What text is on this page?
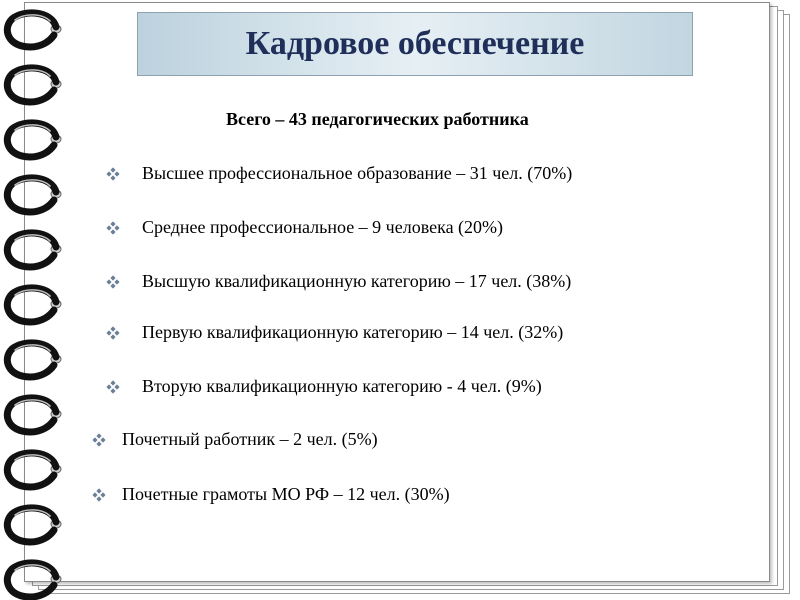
Кадровое обеспечение
Всего – 43 педагогических работника
Высшее профессиональное образование – 31 чел. (70%)
Среднее профессиональное – 9 человека (20%)
Высшую квалификационную категорию – 17 чел. (38%)
Первую квалификационную категорию – 14 чел. (32%)
Вторую квалификационную категорию - 4 чел. (9%)
Почетный работник – 2 чел. (5%)
Почетные грамоты МО РФ – 12 чел. (30%)
